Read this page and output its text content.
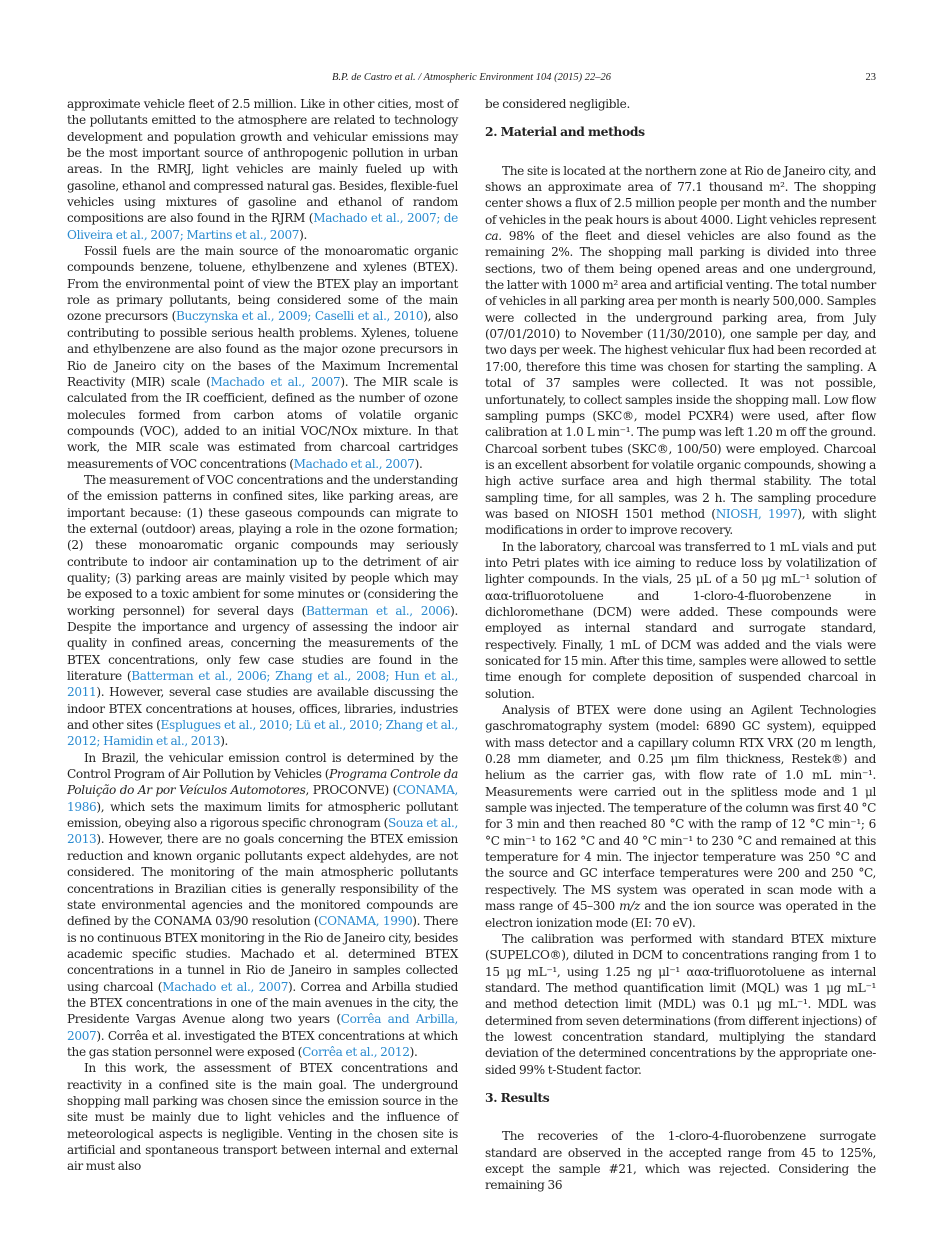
B.P. de Castro et al. / Atmospheric Environment 104 (2015) 22–26	23

approximate vehicle fleet of 2.5 million. Like in other cities, most of the pollutants emitted to the atmosphere are related to technology development and population growth and vehicular emissions may be the most important source of anthropogenic pollution in urban areas. In the RMRJ, light vehicles are mainly fueled up with gasoline, ethanol and compressed natural gas. Besides, flexible-fuel vehicles using mixtures of gasoline and ethanol of random compositions are also found in the RJRM (Machado et al., 2007; de Oliveira et al., 2007; Martins et al., 2007).

Fossil fuels are the main source of the monoaromatic organic compounds benzene, toluene, ethylbenzene and xylenes (BTEX). From the environmental point of view the BTEX play an important role as primary pollutants, being considered some of the main ozone precursors (Buczynska et al., 2009; Caselli et al., 2010), also contributing to possible serious health problems. Xylenes, toluene and ethylbenzene are also found as the major ozone precursors in Rio de Janeiro city on the bases of the Maximum Incremental Reactivity (MIR) scale (Machado et al., 2007). The MIR scale is calculated from the IR coefficient, defined as the number of ozone molecules formed from carbon atoms of volatile organic compounds (VOC), added to an initial VOC/NOx mixture. In that work, the MIR scale was estimated from charcoal cartridges measurements of VOC concentrations (Machado et al., 2007).

The measurement of VOC concentrations and the understanding of the emission patterns in confined sites, like parking areas, are important because: (1) these gaseous compounds can migrate to the external (outdoor) areas, playing a role in the ozone formation; (2) these monoaromatic organic compounds may seriously contribute to indoor air contamination up to the detriment of air quality; (3) parking areas are mainly visited by people which may be exposed to a toxic ambient for some minutes or (considering the working personnel) for several days (Batterman et al., 2006). Despite the importance and urgency of assessing the indoor air quality in confined areas, concerning the measurements of the BTEX concentrations, only few case studies are found in the literature (Batterman et al., 2006; Zhang et al., 2008; Hun et al., 2011). However, several case studies are available discussing the indoor BTEX concentrations at houses, offices, libraries, industries and other sites (Esplugues et al., 2010; Lü et al., 2010; Zhang et al., 2012; Hamidin et al., 2013).

In Brazil, the vehicular emission control is determined by the Control Program of Air Pollution by Vehicles (Programa Controle da Poluição do Ar por Veículos Automotores, PROCONVE) (CONAMA, 1986), which sets the maximum limits for atmospheric pollutant emission, obeying also a rigorous specific chronogram (Souza et al., 2013). However, there are no goals concerning the BTEX emission reduction and known organic pollutants expect aldehydes, are not considered. The monitoring of the main atmospheric pollutants concentrations in Brazilian cities is generally responsibility of the state environmental agencies and the monitored compounds are defined by the CONAMA 03/90 resolution (CONAMA, 1990). There is no continuous BTEX monitoring in the Rio de Janeiro city, besides academic specific studies. Machado et al. determined BTEX concentrations in a tunnel in Rio de Janeiro in samples collected using charcoal (Machado et al., 2007). Correa and Arbilla studied the BTEX concentrations in one of the main avenues in the city, the Presidente Vargas Avenue along two years (Corrêa and Arbilla, 2007). Corrêa et al. investigated the BTEX concentrations at which the gas station personnel were exposed (Corrêa et al., 2012).

In this work, the assessment of BTEX concentrations and reactivity in a confined site is the main goal. The underground shopping mall parking was chosen since the emission source in the site must be mainly due to light vehicles and the influence of meteorological aspects is negligible. Venting in the chosen site is artificial and spontaneous transport between internal and external air must also

be considered negligible.

2. Material and methods

The site is located at the northern zone at Rio de Janeiro city, and shows an approximate area of 77.1 thousand m². The shopping center shows a flux of 2.5 million people per month and the number of vehicles in the peak hours is about 4000. Light vehicles represent ca. 98% of the fleet and diesel vehicles are also found as the remaining 2%. The shopping mall parking is divided into three sections, two of them being opened areas and one underground, the latter with 1000 m² area and artificial venting. The total number of vehicles in all parking area per month is nearly 500,000. Samples were collected in the underground parking area, from July (07/01/2010) to November (11/30/2010), one sample per day, and two days per week. The highest vehicular flux had been recorded at 17:00, therefore this time was chosen for starting the sampling. A total of 37 samples were collected. It was not possible, unfortunately, to collect samples inside the shopping mall. Low flow sampling pumps (SKC®, model PCXR4) were used, after flow calibration at 1.0 L min⁻¹. The pump was left 1.20 m off the ground. Charcoal sorbent tubes (SKC®, 100/50) were employed. Charcoal is an excellent absorbent for volatile organic compounds, showing a high active surface area and high thermal stability. The total sampling time, for all samples, was 2 h. The sampling procedure was based on NIOSH 1501 method (NIOSH, 1997), with slight modifications in order to improve recovery.

In the laboratory, charcoal was transferred to 1 mL vials and put into Petri plates with ice aiming to reduce loss by volatilization of lighter compounds. In the vials, 25 μL of a 50 μg mL⁻¹ solution of ααα-trifluorotoluene and 1-cloro-4-fluorobenzene in dichloromethane (DCM) were added. These compounds were employed as internal standard and surrogate standard, respectively. Finally, 1 mL of DCM was added and the vials were sonicated for 15 min. After this time, samples were allowed to settle time enough for complete deposition of suspended charcoal in solution.

Analysis of BTEX were done using an Agilent Technologies gaschromatography system (model: 6890 GC system), equipped with mass detector and a capillary column RTX VRX (20 m length, 0.28 mm diameter, and 0.25 μm film thickness, Restek®) and helium as the carrier gas, with flow rate of 1.0 mL min⁻¹. Measurements were carried out in the splitless mode and 1 μl sample was injected. The temperature of the column was first 40 °C for 3 min and then reached 80 °C with the ramp of 12 °C min⁻¹; 6 °C min⁻¹ to 162 °C and 40 °C min⁻¹ to 230 °C and remained at this temperature for 4 min. The injector temperature was 250 °C and the source and GC interface temperatures were 200 and 250 °C, respectively. The MS system was operated in scan mode with a mass range of 45–300 m/z and the ion source was operated in the electron ionization mode (EI: 70 eV).

The calibration was performed with standard BTEX mixture (SUPELCO®), diluted in DCM to concentrations ranging from 1 to 15 μg mL⁻¹, using 1.25 ng μl⁻¹ ααα-trifluorotoluene as internal standard. The method quantification limit (MQL) was 1 μg mL⁻¹ and method detection limit (MDL) was 0.1 μg mL⁻¹. MDL was determined from seven determinations (from different injections) of the lowest concentration standard, multiplying the standard deviation of the determined concentrations by the appropriate one-sided 99% t-Student factor.

3. Results

The recoveries of the 1-cloro-4-fluorobenzene surrogate standard are observed in the accepted range from 45 to 125%, except the sample #21, which was rejected. Considering the remaining 36
